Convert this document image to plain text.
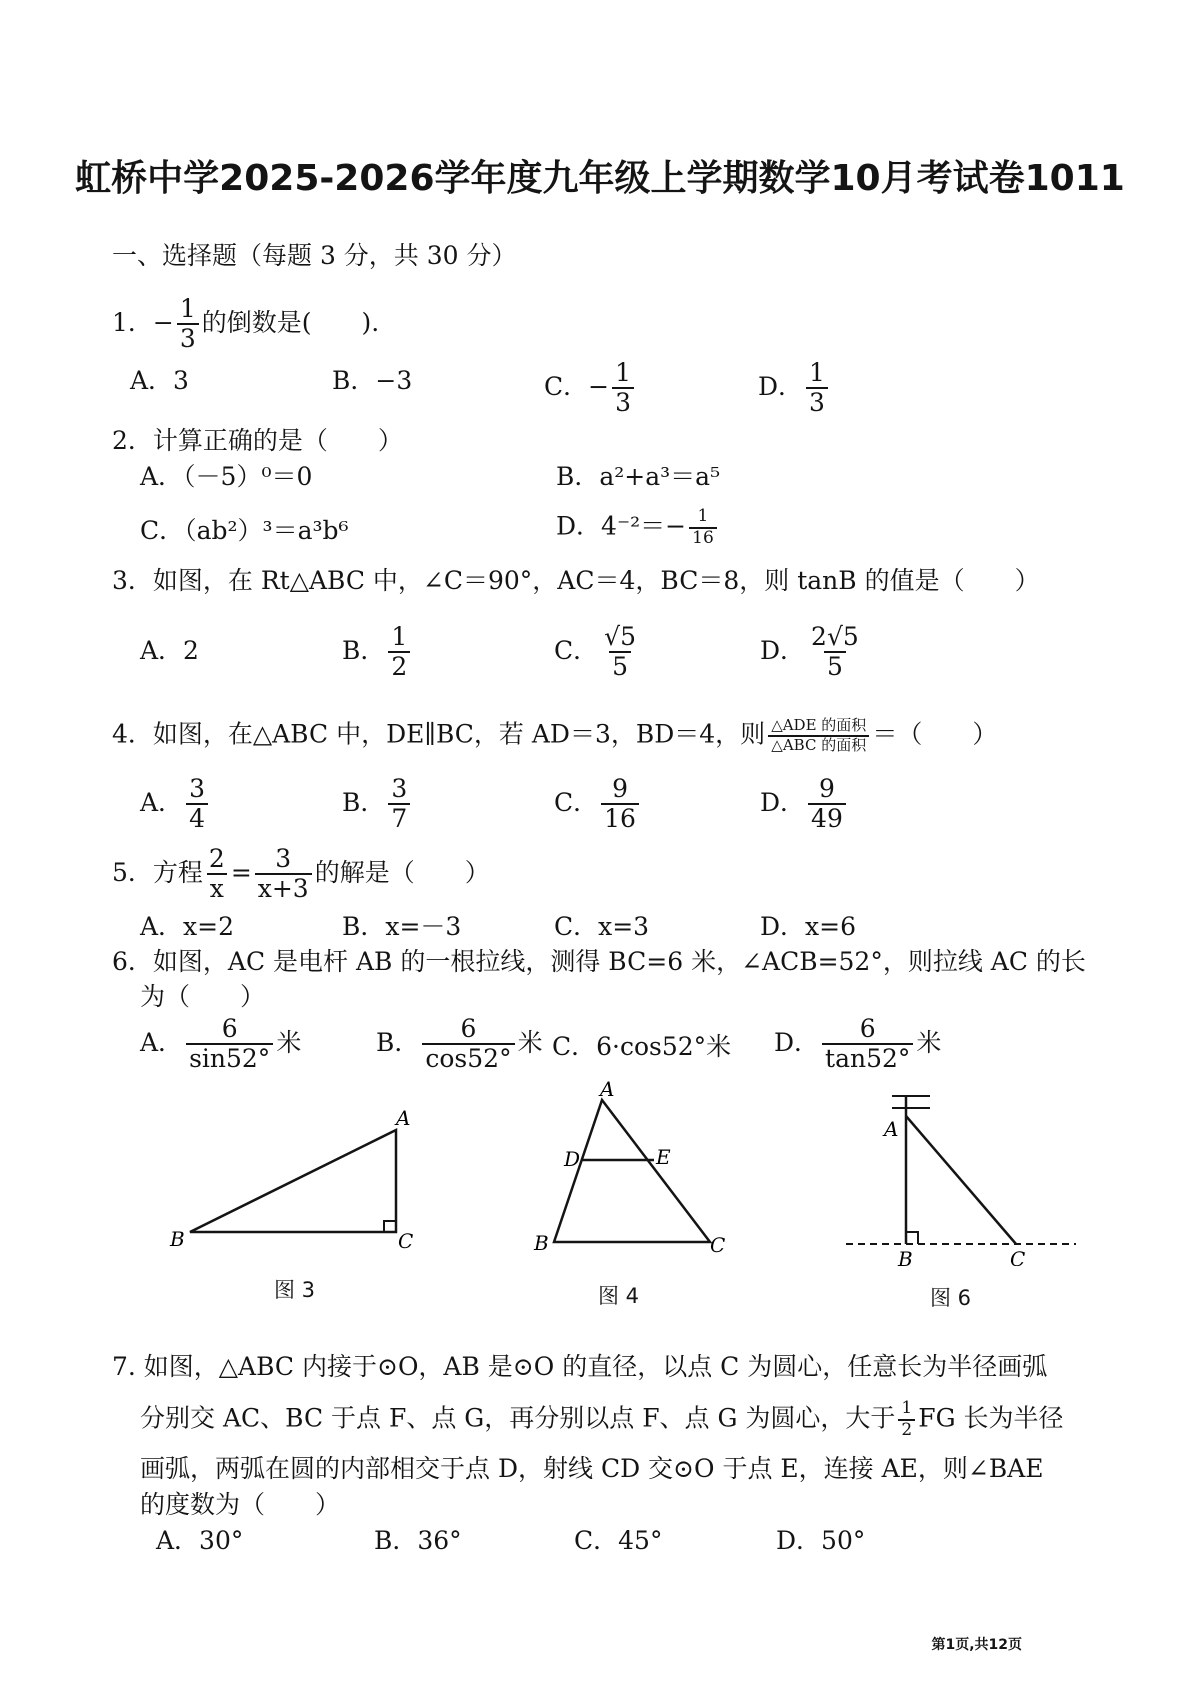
虹桥中学2025-2026学年度九年级上学期数学10月考试卷1011
一、选择题（每题 3 分，共 30 分）
1．− $\frac{1}{3}$ 的倒数是(　　).
A．3	B．−3	C．− $\frac{1}{3}$	D． $\frac{1}{3}$
2．计算正确的是（　　）
A．（－5）⁰＝0	B．a²+a³＝a⁵
C．（ab²）³＝a³b⁶	D．$4^{-2}=- \frac{1}{16}$
3．如图，在 Rt△ABC 中，∠C＝90°，AC＝4，BC＝8，则 tanB 的值是（　　）
A．2	B． $\frac{1}{2}$	C． $\frac{√5}{5}$	D． $\frac{2√5}{5}$
4．如图，在△ABC 中，DE∥BC，若 AD＝3，BD＝4，则 $\frac{\text{△ADE 的面积}}{\text{△ABC 的面积}}$ ＝（　　）
A． $\frac{3}{4}$	B． $\frac{3}{7}$	C． $\frac{9}{16}$	D． $\frac{9}{49}$
5．方程 $\frac{2}{x} = \frac{3}{x+3}$ 的解是（　　）
A．x=2	B．x=－3	C．x=3	D．x=6
6．如图，AC 是电杆 AB 的一根拉线，测得 BC=6 米，∠ACB=52°，则拉线 AC 的长
为（　　）
A． $\frac{6}{\sin 52^\circ}$ 米	B． $\frac{6}{\cos 52^\circ}$ 米 C．6·cos52°米 D． $\frac{6}{\tan 52^\circ}$ 米
A
B	C
图 3
A
B	C
D	E
图 4
A
B	C
图 6
7. 如图，△ABC 内接于⊙O，AB 是⊙O 的直径，以点 C 为圆心，任意长为半径画弧
分别交 AC、BC 于点 F、点 G，再分别以点 F、点 G 为圆心，大于 $\frac{1}{2}$ FG 长为半径
画弧，两弧在圆的内部相交于点 D，射线 CD 交⊙O 于点 E，连接 AE，则∠BAE
的度数为（　　）
A．30°	B．36°	C．45°	D．50°
第1页,共12页
